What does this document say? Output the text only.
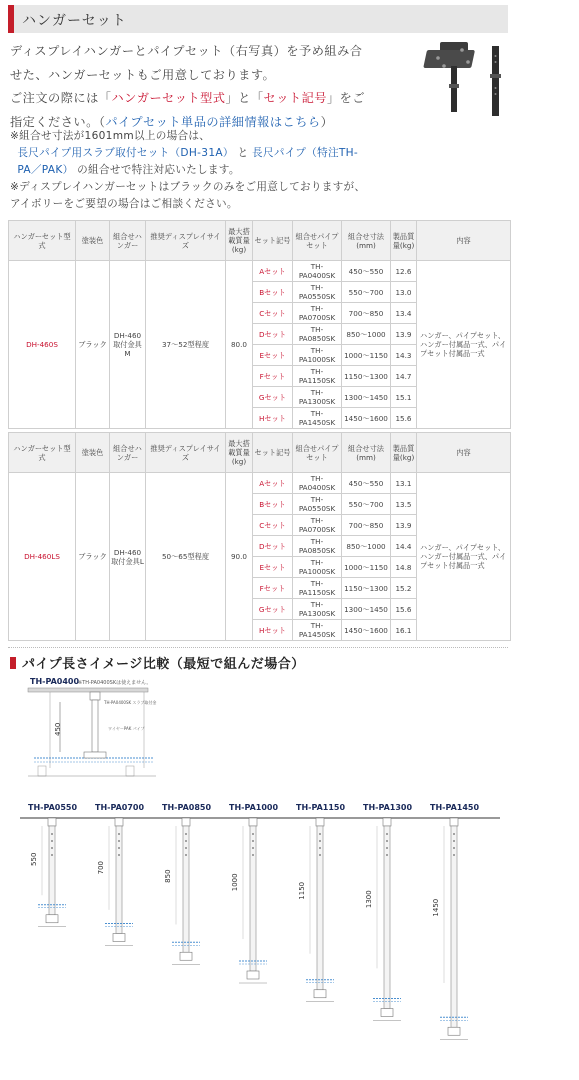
ハンガーセット
ディスプレイハンガーとパイプセット（右写真）を予め組み合
せた、ハンガーセットもご用意しております。
ご注文の際には「ハンガーセット型式」と「セット記号」をご
指定ください。（パイプセット単品の詳細情報はこちら）
※組合せ寸法が1601mm以上の場合は、
長尺パイプ用スラブ取付セット（DH-31A） と 長尺パイプ（特注TH-
PA／PAK） の組合せで特注対応いたします。
※ディスプレイハンガーセットはブラックのみをご用意しておりますが、
アイボリーをご要望の場合はご相談ください。
ハンガーセット型式	塗装色	組合せハンガー	推奨ディスプレイサイズ	最大搭載質量(kg)	セット記号	組合せパイプセット	組合せ寸法(mm)	製品質量(kg)	内容
DH-460S	ブラック	DH-460取付金具M	37〜52型程度	80.0	Aセット	TH-PA0400SK	450〜550	12.6	ハンガー、パイプセット、ハンガー付属品一式、パイプセット付属品一式
					Bセット	TH-PA0550SK	550〜700	13.0	
					Cセット	TH-PA0700SK	700〜850	13.4	
					Dセット	TH-PA0850SK	850〜1000	13.9	
					Eセット	TH-PA1000SK	1000〜1150	14.3	
					Fセット	TH-PA1150SK	1150〜1300	14.7	
					Gセット	TH-PA1300SK	1300〜1450	15.1	
					Hセット	TH-PA1450SK	1450〜1600	15.6	
ハンガーセット型式	塗装色	組合せハンガー	推奨ディスプレイサイズ	最大搭載質量(kg)	セット記号	組合せパイプセット	組合せ寸法(mm)	製品質量(kg)	内容
DH-460LS	ブラック	DH-460取付金具L	50〜65型程度	90.0	Aセット	TH-PA0400SK	450〜550	13.1	ハンガー、パイプセット、ハンガー付属品一式、パイプセット付属品一式
					Bセット	TH-PA0550SK	550〜700	13.5	
					Cセット	TH-PA0700SK	700〜850	13.9	
					Dセット	TH-PA0850SK	850〜1000	14.4	
					Eセット	TH-PA1000SK	1000〜1150	14.8	
					Fセット	TH-PA1150SK	1150〜1300	15.2	
					Gセット	TH-PA1300SK	1300〜1450	15.6	
					Hセット	TH-PA1450SK	1450〜1600	16.1	
パイプ長さイメージ比較（最短で組んだ場合）
TH-PA0400
※TH-PA0400SKは使えません。
450
TH-PA0400SK スラブ取付金
ワイヤーPAK パイプ
TH-PA0550
550
TH-PA0700
700
TH-PA0850
850
TH-PA1000
1000
TH-PA1150
1150
TH-PA1300
1300
TH-PA1450
1450
